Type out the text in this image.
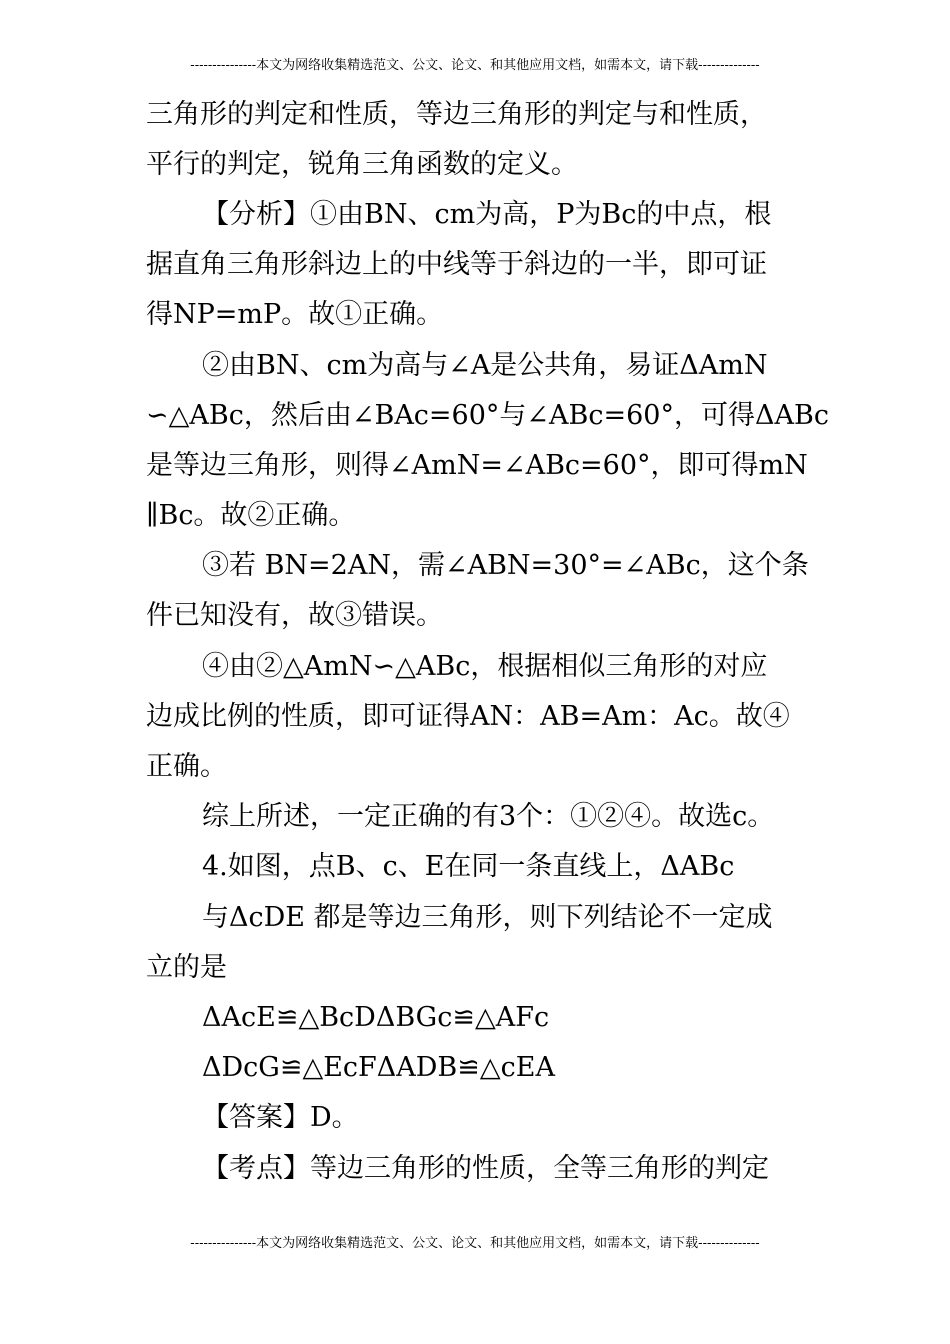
---------------本文为网络收集精选范文、公文、论文、和其他应用文档，如需本文，请下载--------------
三角形的判定和性质，等边三角形的判定与和性质，
平行的判定，锐角三角函数的定义。
【分析】①由BN、cm为高，P为Bc的中点，根
据直角三角形斜边上的中线等于斜边的一半，即可证
得NP=mP。故①正确。
②由BN、cm为高与∠A是公共角，易证ΔAmN
∽△ABc，然后由∠BAc=60°与∠ABc=60°，可得ΔABc
是等边三角形，则得∠AmN=∠ABc=60°，即可得mN
∥Bc。故②正确。
③若 BN=2AN，需∠ABN=30°=∠ABc，这个条
件已知没有，故③错误。
④由②△AmN∽△ABc，根据相似三角形的对应
边成比例的性质，即可证得AN：AB=Am：Ac。故④
正确。
综上所述，一定正确的有3个：①②④。故选c。
4.如图，点B、c、E在同一条直线上，ΔABc
与ΔcDE 都是等边三角形，则下列结论不一定成
立的是
ΔAcE≌△BcDΔBGc≌△AFc
ΔDcG≌△EcFΔADB≌△cEA
【答案】D。
【考点】等边三角形的性质，全等三角形的判定
---------------本文为网络收集精选范文、公文、论文、和其他应用文档，如需本文，请下载--------------
